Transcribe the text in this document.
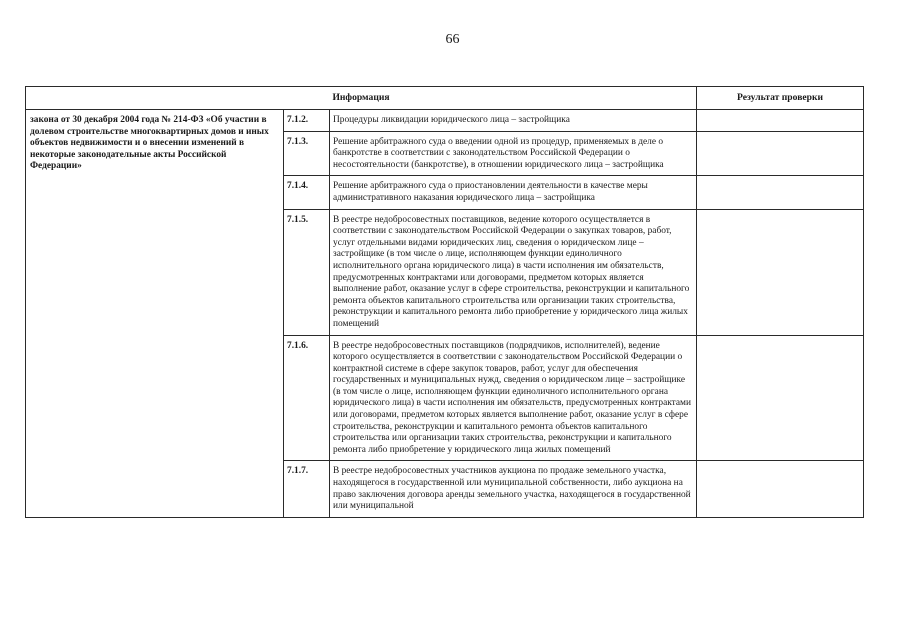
66
Информация			Результат проверки
закона от 30 декабря 2004 года № 214-ФЗ «Об участии в долевом строительстве многоквартирных домов и иных объектов недвижимости и о внесении изменений в некоторые законодательные акты Российской Федерации»	7.1.2.	Процедуры ликвидации юридического лица – застройщика	
	7.1.3.	Решение арбитражного суда о введении одной из процедур, применяемых в деле о банкротстве в соответствии с законодательством Российской Федерации о несостоятельности (банкротстве), в отношении юридического лица – застройщика	
	7.1.4.	Решение арбитражного суда о приостановлении деятельности в качестве меры административного наказания юридического лица – застройщика	
	7.1.5.	В реестре недобросовестных поставщиков, ведение которого осуществляется в соответствии с законодательством Российской Федерации о закупках товаров, работ, услуг отдельными видами юридических лиц, сведения о юридическом лице – застройщике (в том числе о лице, исполняющем функции единоличного исполнительного органа юридического лица) в части исполнения им обязательств, предусмотренных контрактами или договорами, предметом которых является выполнение работ, оказание услуг в сфере строительства, реконструкции и капитального ремонта объектов капитального строительства или организации таких строительства, реконструкции и капитального ремонта либо приобретение у юридического лица жилых помещений	
	7.1.6.	В реестре недобросовестных поставщиков (подрядчиков, исполнителей), ведение которого осуществляется в соответствии с законодательством Российской Федерации о контрактной системе в сфере закупок товаров, работ, услуг для обеспечения государственных и муниципальных нужд, сведения о юридическом лице – застройщике (в том числе о лице, исполняющем функции единоличного исполнительного органа юридического лица) в части исполнения им обязательств, предусмотренных контрактами или договорами, предметом которых является выполнение работ, оказание услуг в сфере строительства, реконструкции и капитального ремонта объектов капитального строительства или организации таких строительства, реконструкции и капитального ремонта либо приобретение у юридического лица жилых помещений	
	7.1.7.	В реестре недобросовестных участников аукциона по продаже земельного участка, находящегося в государственной или муниципальной собственности, либо аукциона на право заключения договора аренды земельного участка, находящегося в государственной или муниципальной	
